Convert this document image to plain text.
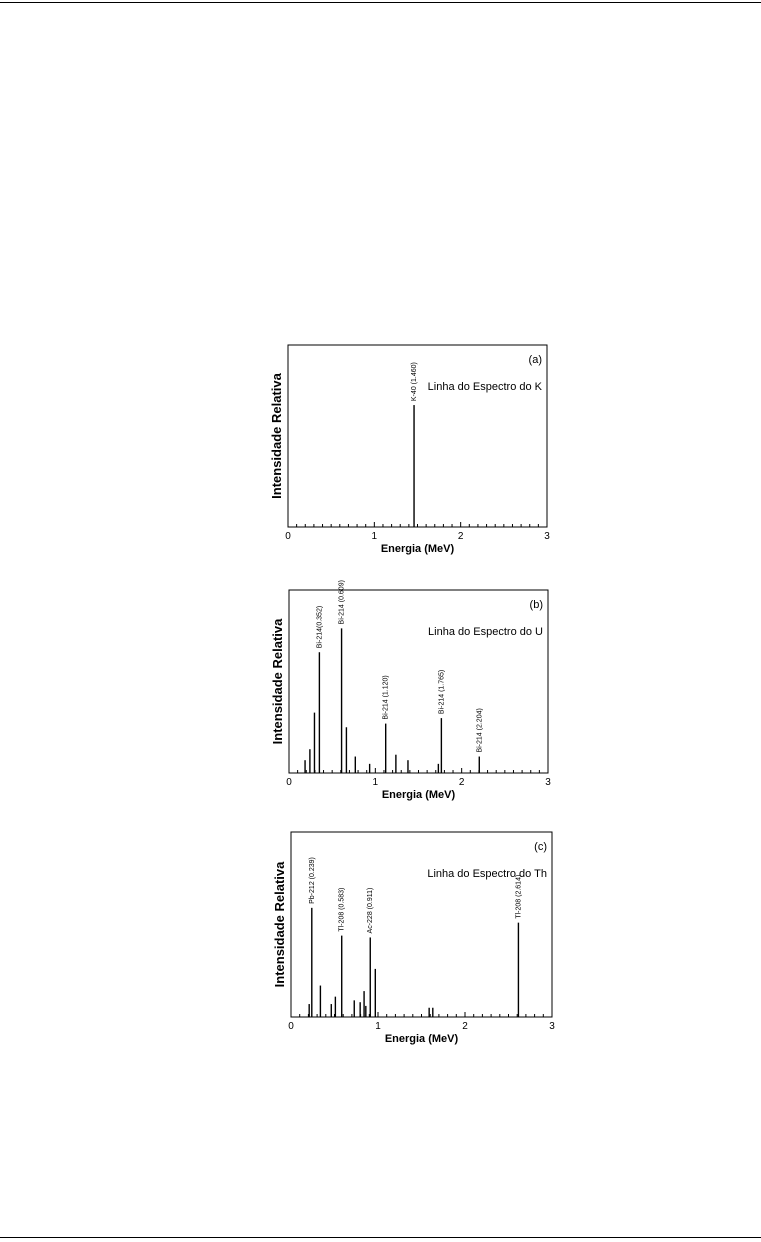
0	1	2	3
Energia (MeV)
Intensidade Relativa
(a)
Linha do Espectro do K
K-40 (1.460)
0	1	2	3
Energia (MeV)
Intensidade Relativa
(b)
Linha do Espectro do U
Bi-214(0.352)
Bi-214 (0.609)
Bi-214 (1.120)	Bi-214 (1.765)
Bi-214 (2.204)
0	1	2	3
Energia (MeV)
Intensidade Relativa
(c)
Linha do Espectro do Th
Pb-212 (0.239)
Tl-208 (0.583)	Ac-228 (0.911)	Tl-208 (2.614)
